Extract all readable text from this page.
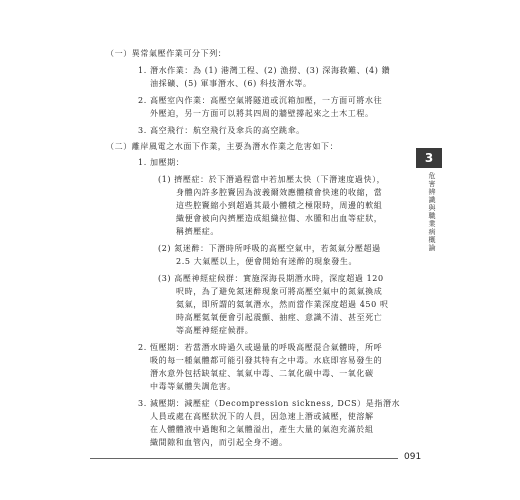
（一）異常氣壓作業可分下列：
1. 潛水作業：為 (1) 港灣工程、(2) 漁撈、(3) 深海救難、(4) 鑽
油採礦、(5) 軍事潛水、(6) 科技潛水等。
2. 高壓室內作業：高壓空氣將隧道或沉箱加壓，一方面可將水往
外壓迫，另一方面可以將其四周的牆壁撐起來之土木工程。
3. 高空飛行：航空飛行及傘兵的高空跳傘。
（二）離岸風電之水面下作業，主要為潛水作業之危害如下：
1. 加壓期：
(1) 擠壓症：於下潛過程當中若加壓太快（下潛速度過快），
身體內許多腔竇因為波義爾效應體積會快速的收縮，當
這些腔竇縮小到超過其最小體積之極限時，周邊的軟組
織便會被向內擠壓造成組織拉傷、水腫和出血等症狀，
稱擠壓症。
(2) 氮迷醉：下潛時所呼吸的高壓空氣中，若氮氣分壓超過
2.5 大氣壓以上，便會開始有迷醉的現象發生。
(3) 高壓神經症候群：實施深海長期潛水時，深度超過 120
呎時，為了避免氮迷醉現象可將高壓空氣中的氮氣換成
氦氣，即所謂的氦氧潛水，然而當作業深度超過 450 呎
時高壓氦氧便會引起震顫、抽痙、意識不清、甚至死亡
等高壓神經症候群。
2. 恆壓期：若當潛水時過久或過量的呼吸高壓混合氣體時，所呼
吸的每一種氣體都可能引發其特有之中毒。水底即容易發生的
潛水意外包括缺氧症、氧氣中毒、二氧化碳中毒、一氧化碳
中毒等氣體失調危害。
3. 減壓期：減壓症（Decompression sickness, DCS）是指潛水
人員或處在高壓狀況下的人員，因急速上潛或減壓，使溶解
在人體體液中過飽和之氣體溢出，產生大量的氣泡充滿於組
織間隙和血管內，而引起全身不適。
3
危害辨識與職業病概論
091
